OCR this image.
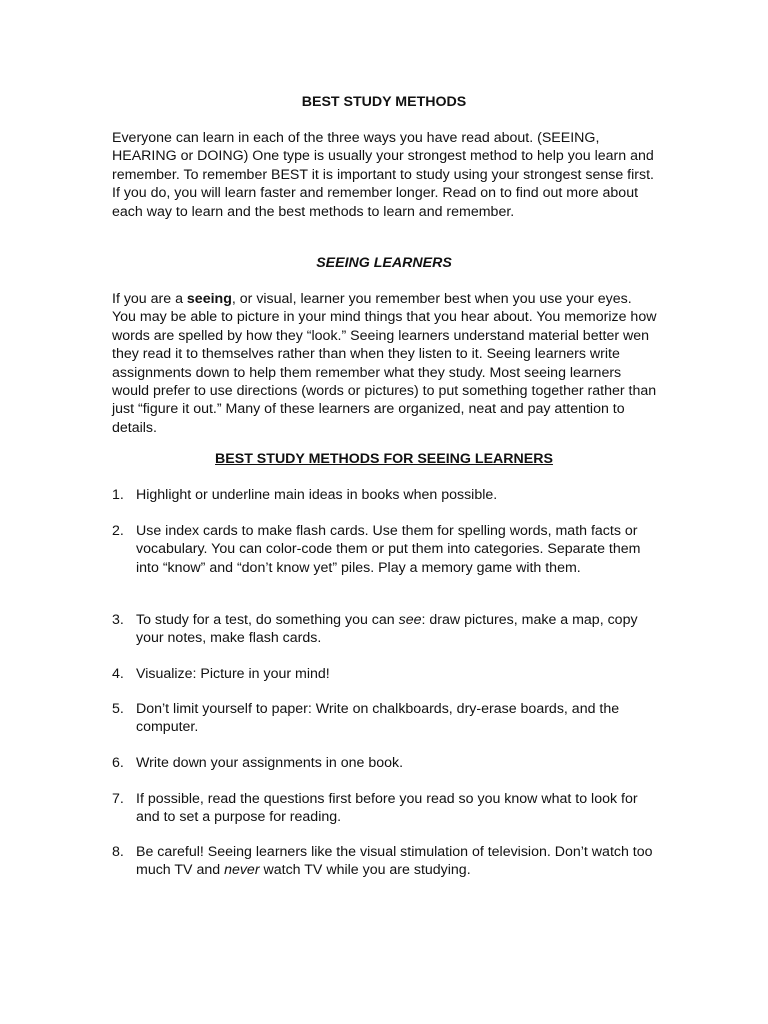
BEST STUDY METHODS

Everyone can learn in each of the three ways you have read about. (SEEING, HEARING or DOING) One type is usually your strongest method to help you learn and remember. To remember BEST it is important to study using your strongest sense first. If you do, you will learn faster and remember longer. Read on to find out more about each way to learn and the best methods to learn and remember.

SEEING LEARNERS

If you are a seeing, or visual, learner you remember best when you use your eyes. You may be able to picture in your mind things that you hear about. You memorize how words are spelled by how they “look.” Seeing learners understand material better wen they read it to themselves rather than when they listen to it. Seeing learners write assignments down to help them remember what they study. Most seeing learners would prefer to use directions (words or pictures) to put something together rather than just “figure it out.” Many of these learners are organized, neat and pay attention to details.

BEST STUDY METHODS FOR SEEING LEARNERS
1. Highlight or underline main ideas in books when possible.
2. Use index cards to make flash cards. Use them for spelling words, math facts or vocabulary. You can color-code them or put them into categories. Separate them into “know” and “don’t know yet” piles. Play a memory game with them.
3. To study for a test, do something you can see: draw pictures, make a map, copy your notes, make flash cards.
4. Visualize: Picture in your mind!
5. Don’t limit yourself to paper: Write on chalkboards, dry-erase boards, and the computer.
6. Write down your assignments in one book.
7. If possible, read the questions first before you read so you know what to look for and to set a purpose for reading.
8. Be careful! Seeing learners like the visual stimulation of television. Don’t watch too much TV and never watch TV while you are studying.
